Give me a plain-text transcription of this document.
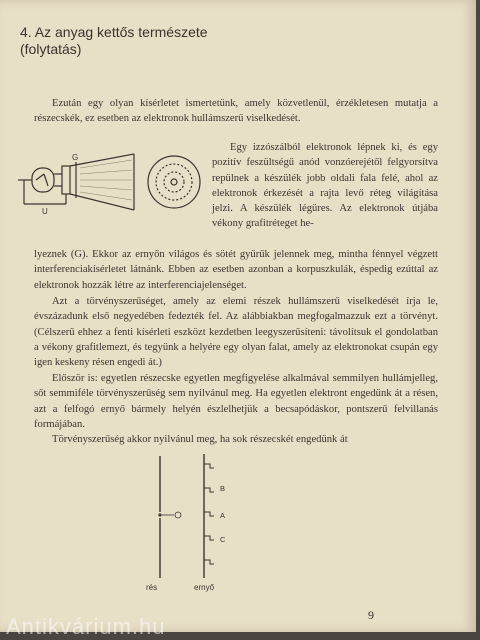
4. Az anyag kettős természete
(folytatás)

Ezután egy olyan kísérletet ismertetünk, amely közvetlenül, érzékletesen mutatja a részecskék, ez esetben az elektronok hullámszerű viselkedését.

Egy izzószálból elektronok lépnek ki, és egy pozitív feszültségű anód vonzóerejétől felgyorsítva repülnek a készülék jobb oldali fala felé, ahol az elektronok érkezését a rajta levő réteg világítása jelzi. A készülék légüres. Az elektronok útjába vékony grafitréteget he-

G
U

lyeznek (G). Ekkor az ernyőn világos és sötét gyűrűk jelennek meg, mintha fénnyel végzett interferenciakísérletet látnánk. Ebben az esetben azonban a korpuszkulák, éspedig ezúttal az elektronok hozzák létre az interferenciajelenséget.

Azt a törvényszerűséget, amely az elemi részek hullámszerű viselkedését írja le, évszázadunk első negyedében fedezték fel. Az alábbiakban megfogalmazzuk ezt a törvényt. (Célszerű ehhez a fenti kísérleti eszközt kezdetben leegyszerűsíteni: távolítsuk el gondolatban a vékony grafitlemezt, és tegyünk a helyére egy olyan falat, amely az elektronokat csupán egy igen keskeny résen engedi át.)

Először is: egyetlen részecske egyetlen megfigyelése alkalmával semmilyen hullámjelleg, sőt semmiféle törvényszerűség sem nyilvánul meg. Ha egyetlen elektront engedünk át a résen, azt a felfogó ernyő bármely helyén észlelhetjük a becsapódáskor, pontszerű felvillanás formájában.

Törvényszerűség akkor nyilvánul meg, ha sok részecskét engedünk át

B
A
C
rés	ernyő
9
Antikvárium.hu
